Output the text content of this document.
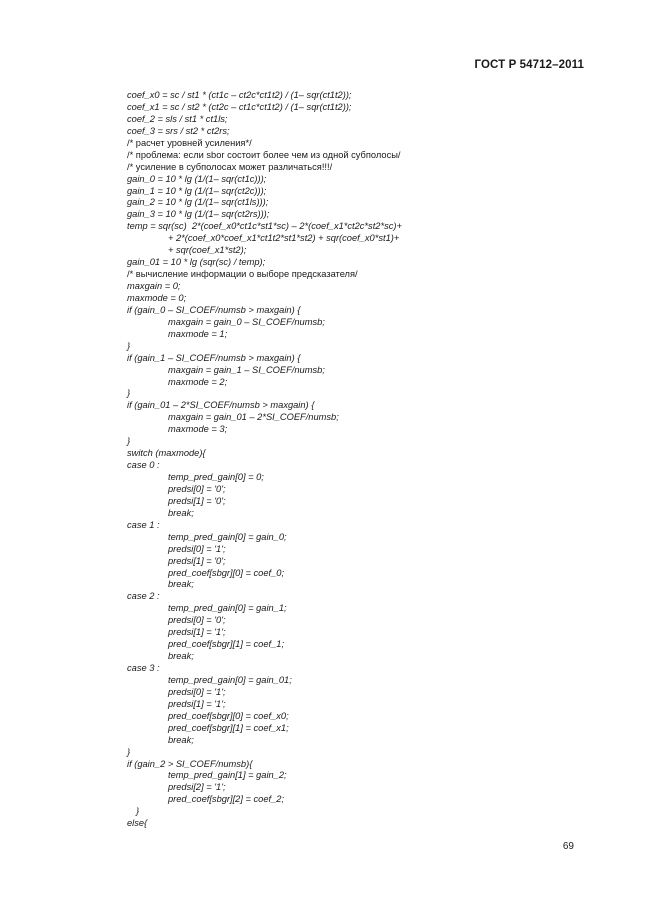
ГОСТ Р 54712–2011
coef_x0 = sc / st1 * (ct1c – ct2c*ct1t2) / (1– sqr(ct1t2));
coef_x1 = sc / st2 * (ct2c – ct1c*ct1t2) / (1– sqr(ct1t2));
coef_2 = sls / st1 * ct1ls;
coef_3 = srs / st2 * ct2rs;
/* расчет уровней усиления*/
/* проблема: если sbor состоит более чем из одной субполосы/
/* усиление в субполосах может различаться!!!/
gain_0 = 10 * lg (1/(1– sqr(ct1c)));
gain_1 = 10 * lg (1/(1– sqr(ct2c)));
gain_2 = 10 * lg (1/(1– sqr(ct1ls)));
gain_3 = 10 * lg (1/(1– sqr(ct2rs)));
temp = sqr(sc)  2*(coef_x0*ct1c*st1*sc) – 2*(coef_x1*ct2c*st2*sc)+
+ 2*(coef_x0*coef_x1*ct1t2*st1*st2) + sqr(coef_x0*st1)+
+ sqr(coef_x1*st2);
gain_01 = 10 * lg (sqr(sc) / temp);
/* вычисление информации о выборе предсказателя/
maxgain = 0;
maxmode = 0;
if (gain_0 – SI_COEF/numsb > maxgain) {
maxgain = gain_0 – SI_COEF/numsb;
maxmode = 1;
}
if (gain_1 – SI_COEF/numsb > maxgain) {
maxgain = gain_1 – SI_COEF/numsb;
maxmode = 2;
}
if (gain_01 – 2*SI_COEF/numsb > maxgain) {
maxgain = gain_01 – 2*SI_COEF/numsb;
maxmode = 3;
}
switch (maxmode){
case 0 :
temp_pred_gain[0] = 0;
predsi[0] = '0';
predsi[1] = '0';
break;
case 1 :
temp_pred_gain[0] = gain_0;
predsi[0] = '1';
predsi[1] = '0';
pred_coef[sbgr][0] = coef_0;
break;
case 2 :
temp_pred_gain[0] = gain_1;
predsi[0] = '0';
predsi[1] = '1';
pred_coef[sbgr][1] = coef_1;
break;
case 3 :
temp_pred_gain[0] = gain_01;
predsi[0] = '1';
predsi[1] = '1';
pred_coef[sbgr][0] = coef_x0;
pred_coef[sbgr][1] = coef_x1;
break;
}
if (gain_2 > SI_COEF/numsb){
temp_pred_gain[1] = gain_2;
predsi[2] = '1';
pred_coef[sbgr][2] = coef_2;
}
else{
69
